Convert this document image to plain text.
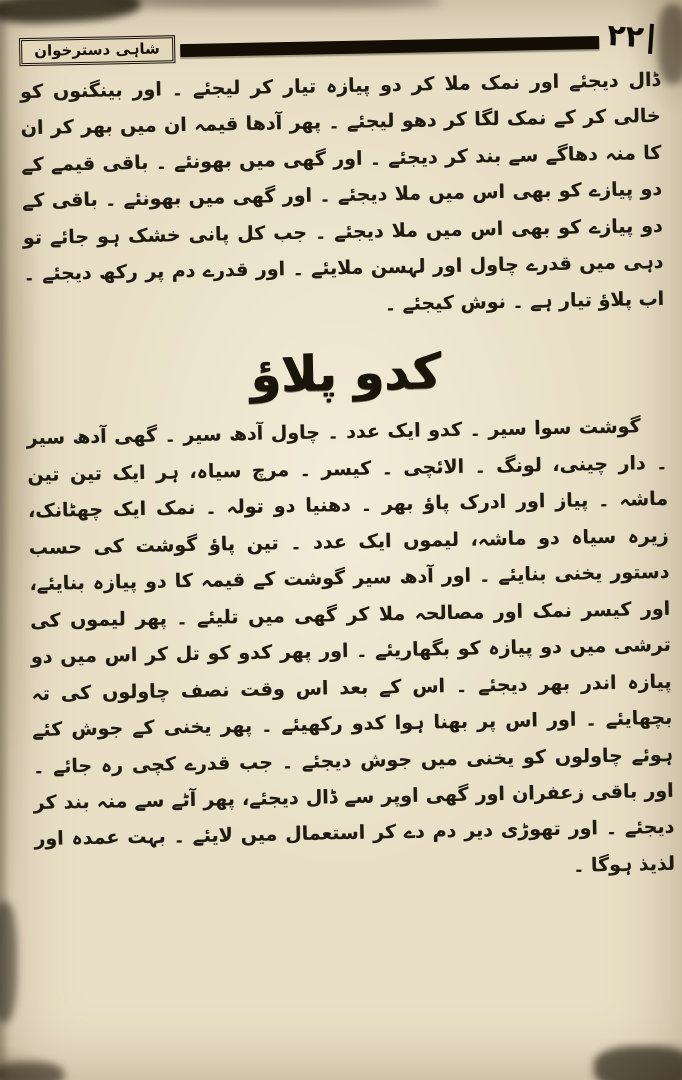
شاہی دسترخوان	۲۲
ڈال دیجئے اور نمک ملا کر دو پیازہ تیار کر لیجئے ۔ اور بینگنوں کو خالی کر کے نمک لگا کر دھو لیجئے ۔ پھر آدھا قیمہ ان میں بھر کر ان کا منہ دھاگے سے بند کر دیجئے ۔ اور گھی میں بھونئے ۔ باقی قیمے کے دو پیازے کو بھی اس میں ملا دیجئے ۔ اور گھی میں بھونئے ۔ باقی کے دو پیازے کو بھی اس میں ملا دیجئے ۔ جب کل پانی خشک ہو جائے تو دہی میں قدرے چاول اور لہسن ملایئے ۔ اور قدرے دم پر رکھ دیجئے ۔ اب پلاؤ تیار ہے ۔ نوش کیجئے ۔
کدو پلاؤ
گوشت سوا سیر ۔ کدو ایک عدد ۔ چاول آدھ سیر ۔ گھی آدھ سیر ۔ دار چینی، لونگ ۔ الائچی ۔ کیسر ۔ مرچ سیاہ، ہر ایک تین تین ماشہ ۔ پیاز اور ادرک پاؤ بھر ۔ دھنیا دو تولہ ۔ نمک ایک چھٹانک، زیرہ سیاہ دو ماشہ، لیموں ایک عدد ۔ تین پاؤ گوشت کی حسب دستور یخنی بنایئے ۔ اور آدھ سیر گوشت کے قیمہ کا دو پیازہ بنایئے، اور کیسر نمک اور مصالحہ ملا کر گھی میں تلیئے ۔ پھر لیموں کی ترشی میں دو پیازہ کو بگھاریئے ۔ اور پھر کدو کو تل کر اس میں دو پیازہ اندر بھر دیجئے ۔ اس کے بعد اس وقت نصف چاولوں کی تہ بچھایئے ۔ اور اس پر بھنا ہوا کدو رکھیئے ۔ پھر یخنی کے جوش کئے ہوئے چاولوں کو یخنی میں جوش دیجئے ۔ جب قدرے کچی رہ جائے ۔ اور باقی زعفران اور گھی اوپر سے ڈال دیجئے، پھر آٹے سے منہ بند کر دیجئے ۔ اور تھوڑی دیر دم دے کر استعمال میں لایئے ۔ بہت عمدہ اور لذیذ ہوگا ۔
